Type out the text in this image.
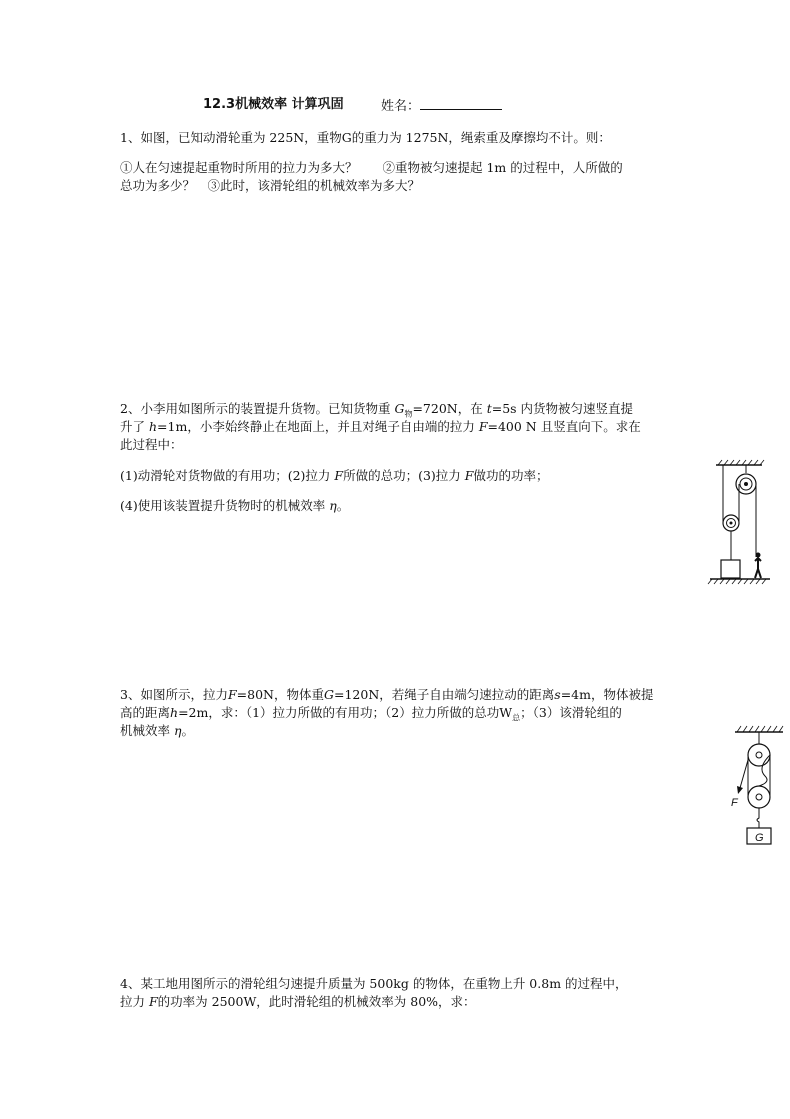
12.3机械效率 计算巩固	姓名：
1、如图，已知动滑轮重为 225N，重物G的重力为 1275N，绳索重及摩擦均不计。则：
①人在匀速提起重物时所用的拉力为多大？　　②重物被匀速提起 1m 的过程中，人所做的
总功为多少？　③此时，该滑轮组的机械效率为多大？
2、小李用如图所示的装置提升货物。已知货物重 $G_物=720N$，在 t=5s 内货物被匀速竖直提
升了 h=1m，小李始终静止在地面上，并且对绳子自由端的拉力 F=400 N 且竖直向下。求在
此过程中：
(1)动滑轮对货物做的有用功；(2)拉力 F所做的总功；(3)拉力 F做功的功率；
(4)使用该装置提升货物时的机械效率 η。
3、如图所示，拉力F=80N，物体重G=120N，若绳子自由端匀速拉动的距离s=4m，物体被提
高的距离h=2m，求：（1）拉力所做的有用功；（2）拉力所做的总功$W_总$；（3）该滑轮组的
机械效率 η。
F
G
4、某工地用图所示的滑轮组匀速提升质量为 500kg 的物体，在重物上升 0.8m 的过程中，
拉力 F的功率为 2500W，此时滑轮组的机械效率为 80%，求：
